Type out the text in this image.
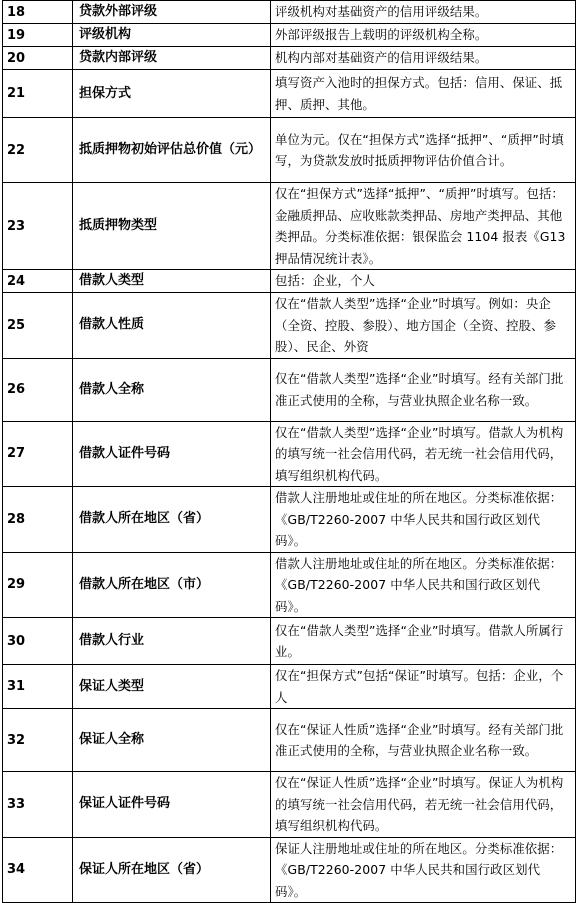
18	贷款外部评级	评级机构对基础资产的信用评级结果。
19	评级机构	外部评级报告上载明的评级机构全称。
20	贷款内部评级	机构内部对基础资产的信用评级结果。
21	担保方式	填写资产入池时的担保方式。包括：信用、保证、抵押、质押、其他。
22	抵质押物初始评估总价值（元）	单位为元。仅在“担保方式”选择“抵押”、“质押”时填写，为贷款发放时抵质押物评估价值合计。
23	抵质押物类型	仅在“担保方式”选择“抵押”、“质押”时填写。包括：金融质押品、应收账款类押品、房地产类押品、其他类押品。分类标准依据：银保监会 1104 报表《G13 押品情况统计表》。
24	借款人类型	包括：企业，个人
25	借款人性质	仅在“借款人类型”选择“企业”时填写。例如：央企（全资、控股、参股）、地方国企（全资、控股、参股）、民企、外资
26	借款人全称	仅在“借款人类型”选择“企业”时填写。经有关部门批准正式使用的全称，与营业执照企业名称一致。
27	借款人证件号码	仅在“借款人类型”选择“企业”时填写。借款人为机构的填写统一社会信用代码，若无统一社会信用代码，填写组织机构代码。
28	借款人所在地区（省）	借款人注册地址或住址的所在地区。分类标准依据：《GB/T2260-2007 中华人民共和国行政区划代码》。
29	借款人所在地区（市）	借款人注册地址或住址的所在地区。分类标准依据：《GB/T2260-2007 中华人民共和国行政区划代码》。
30	借款人行业	仅在“借款人类型”选择“企业”时填写。借款人所属行业。
31	保证人类型	仅在“担保方式”包括“保证”时填写。包括：企业，个人
32	保证人全称	仅在“保证人性质”选择“企业”时填写。经有关部门批准正式使用的全称，与营业执照企业名称一致。
33	保证人证件号码	仅在“保证人性质”选择“企业”时填写。保证人为机构的填写统一社会信用代码，若无统一社会信用代码，填写组织机构代码。
34	保证人所在地区（省）	保证人注册地址或住址的所在地区。分类标准依据：《GB/T2260-2007 中华人民共和国行政区划代码》。
